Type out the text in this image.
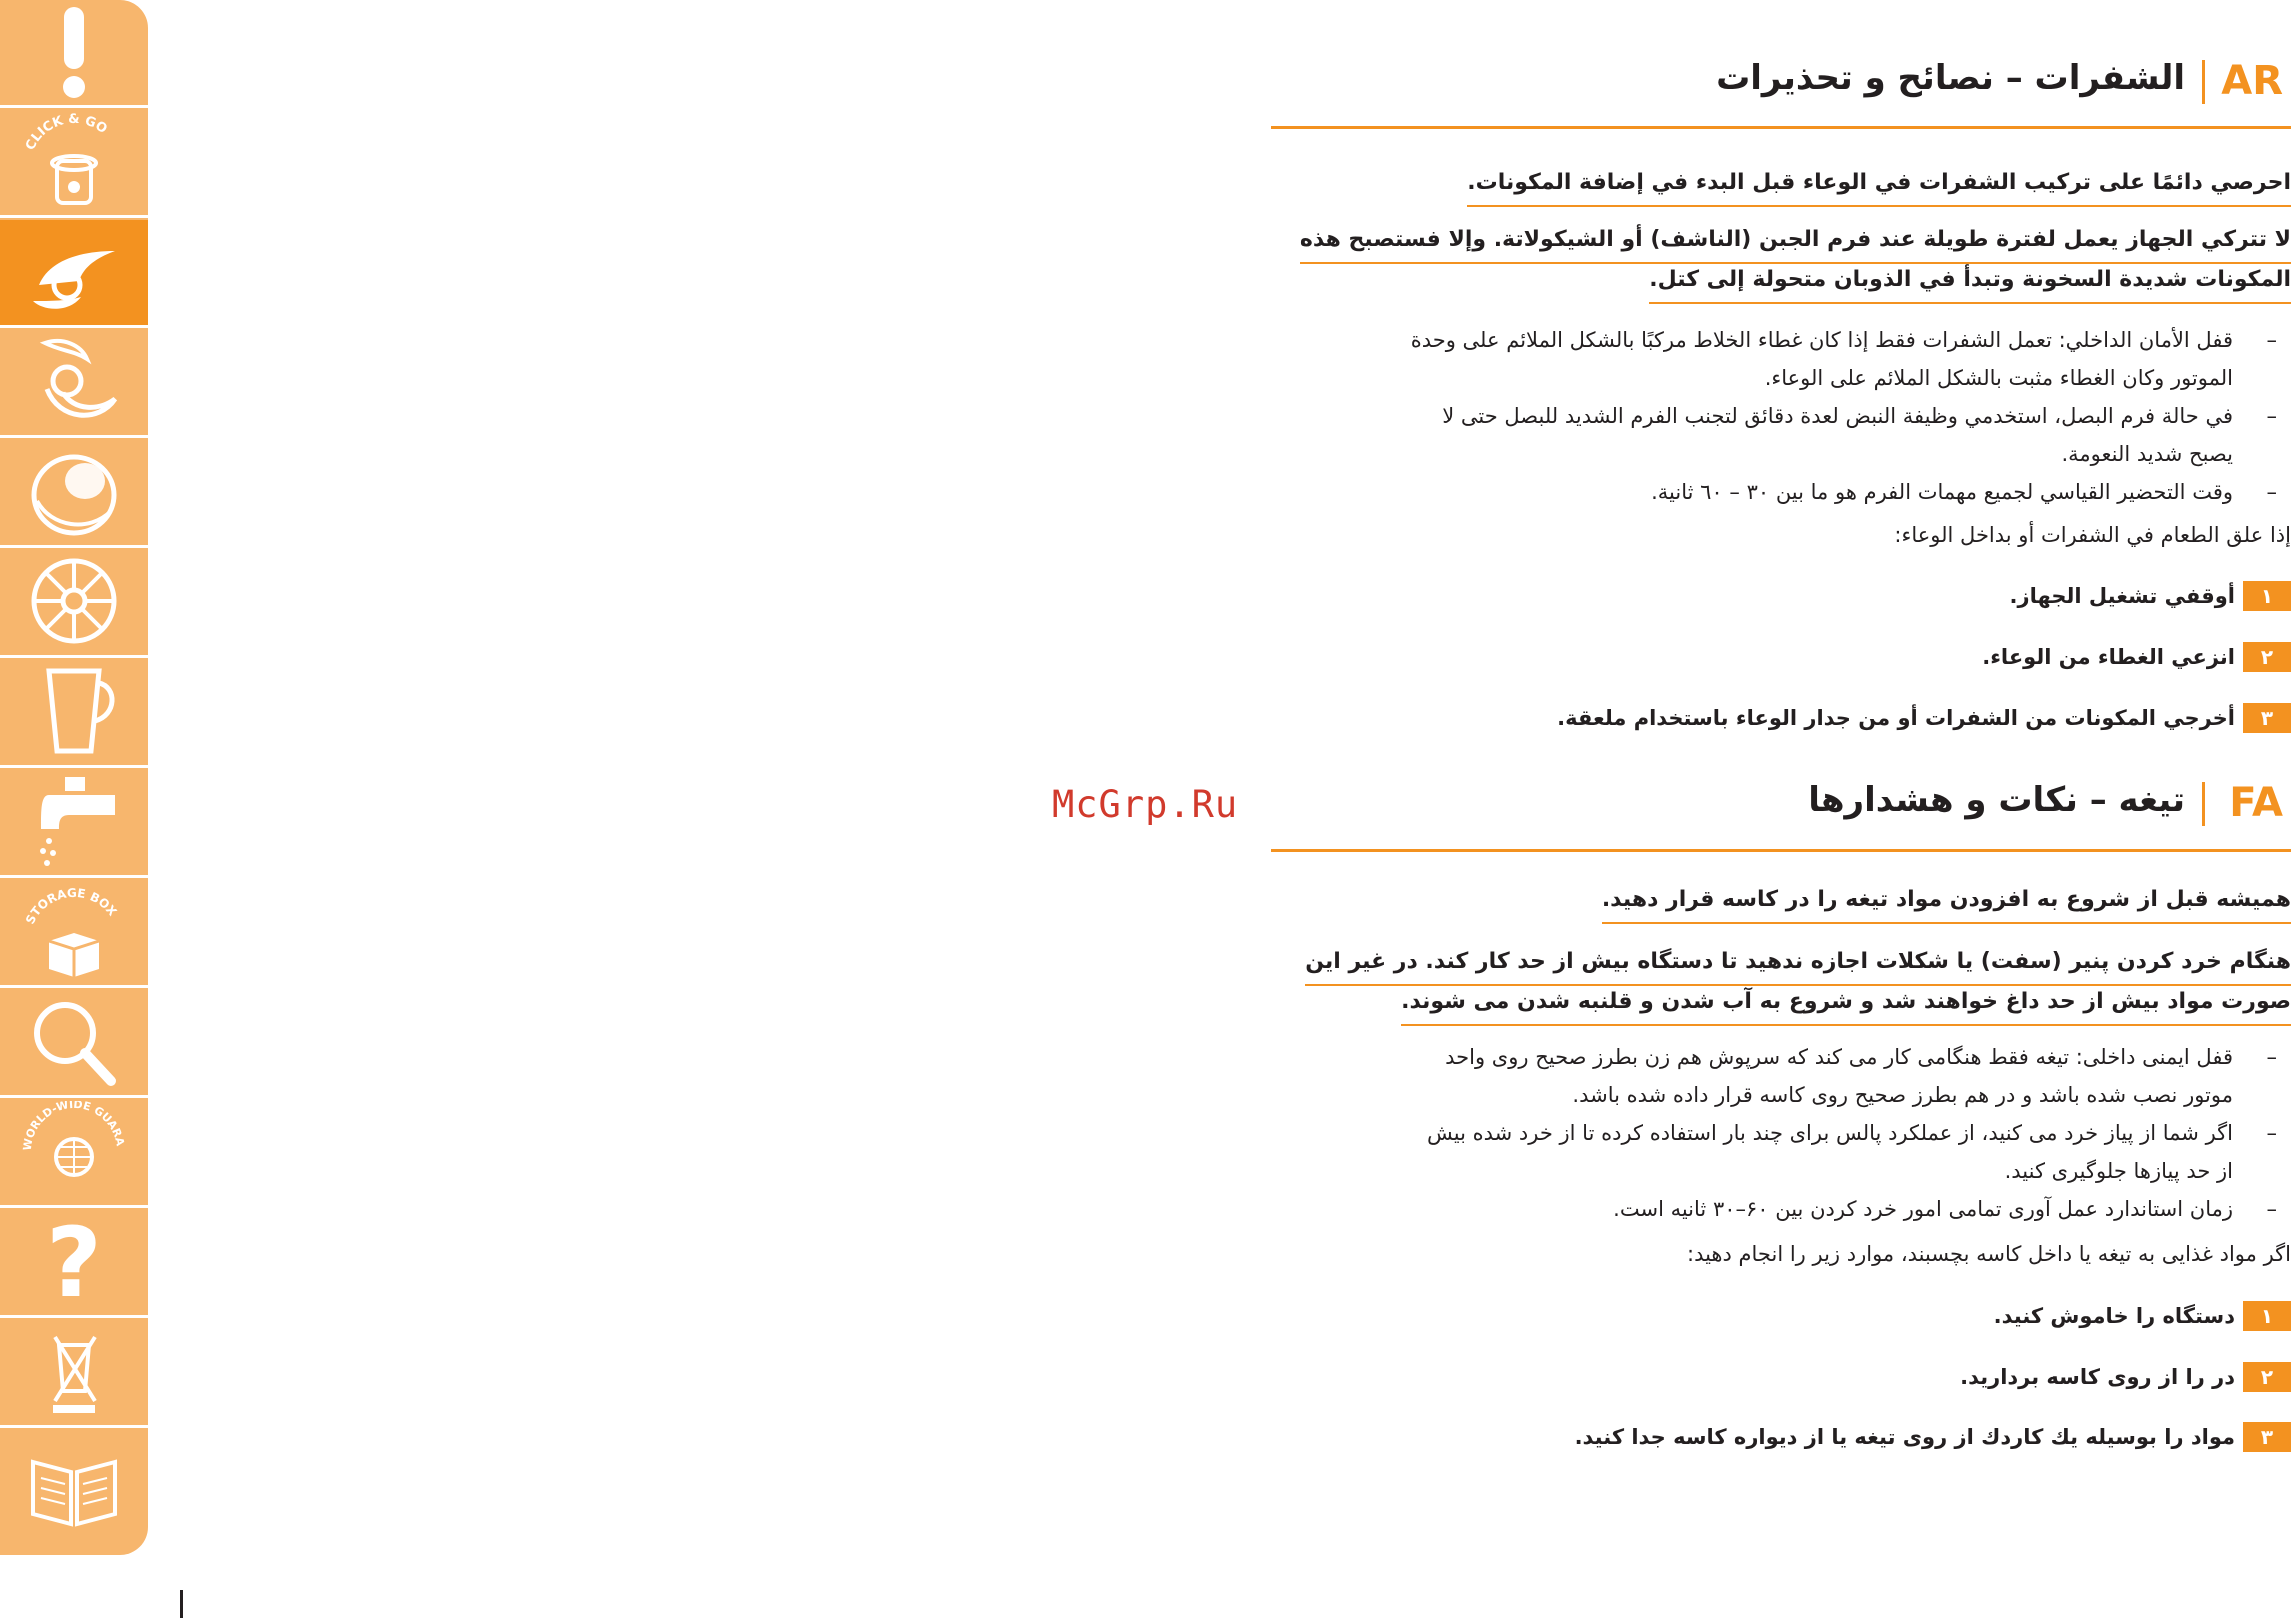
CLICK & GO
STORAGE BOX
WORLD-WIDE GUARA
?
McGrp.Ru
AR
الشفرات – نصائح و تحذيرات
احرصي دائمًا على تركيب الشفرات في الوعاء قبل البدء في إضافة المكونات.
لا تتركي الجهاز يعمل لفترة طويلة عند فرم الجبن (الناشف) أو الشيكولاتة. وإلا فستصبح هذه
المكونات شديدة السخونة وتبدأ في الذوبان متحولة إلى كتل.
–
قفل الأمان الداخلي: تعمل الشفرات فقط إذا كان غطاء الخلاط مركبًا بالشكل الملائم على وحدة
الموتور وكان الغطاء مثبت بالشكل الملائم على الوعاء.
–
في حالة فرم البصل، استخدمي وظيفة النبض لعدة دقائق لتجنب الفرم الشديد للبصل حتى لا
يصبح شديد النعومة.
–
وقت التحضير القياسي لجميع مهمات الفرم هو ما بين ٣٠ – ٦٠ ثانية.
إذا علق الطعام في الشفرات أو بداخل الوعاء:
١
أوقفي تشغيل الجهاز.
٢
انزعي الغطاء من الوعاء.
٣
أخرجي المكونات من الشفرات أو من جدار الوعاء باستخدام ملعقة.
FA
تیغه – نکات و هشدارها
همیشه قبل از شروع به افزودن مواد تیغه را در کاسه قرار دهید.
هنگام خرد کردن پنیر (سفت) یا شکلات اجازه ندهید تا دستگاه بیش از حد کار کند. در غیر این
صورت مواد بیش از حد داغ خواهند شد و شروع به آب شدن و قلنبه شدن می شوند.
–
قفل ایمنی داخلی: تیغه فقط هنگامی کار می کند که سرپوش هم زن بطرز صحیح روی واحد
موتور نصب شده باشد و در هم بطرز صحیح روی کاسه قرار داده شده باشد.
–
اگر شما از پیاز خرد می کنید، از عملکرد پالس برای چند بار استفاده کرده تا از خرد شده بیش
از حد پیازها جلوگیری کنید.
–
زمان استاندارد عمل آوری تمامی امور خرد کردن بین ۶۰–۳۰ ثانیه است.
اگر مواد غذایی به تیغه یا داخل کاسه بچسبند، موارد زیر را انجام دهید:
١
دستگاه را خاموش کنید.
٢
در را از روی کاسه بردارید.
٣
مواد را بوسیله یك کاردك از روی تیغه یا از دیواره کاسه جدا کنید.
